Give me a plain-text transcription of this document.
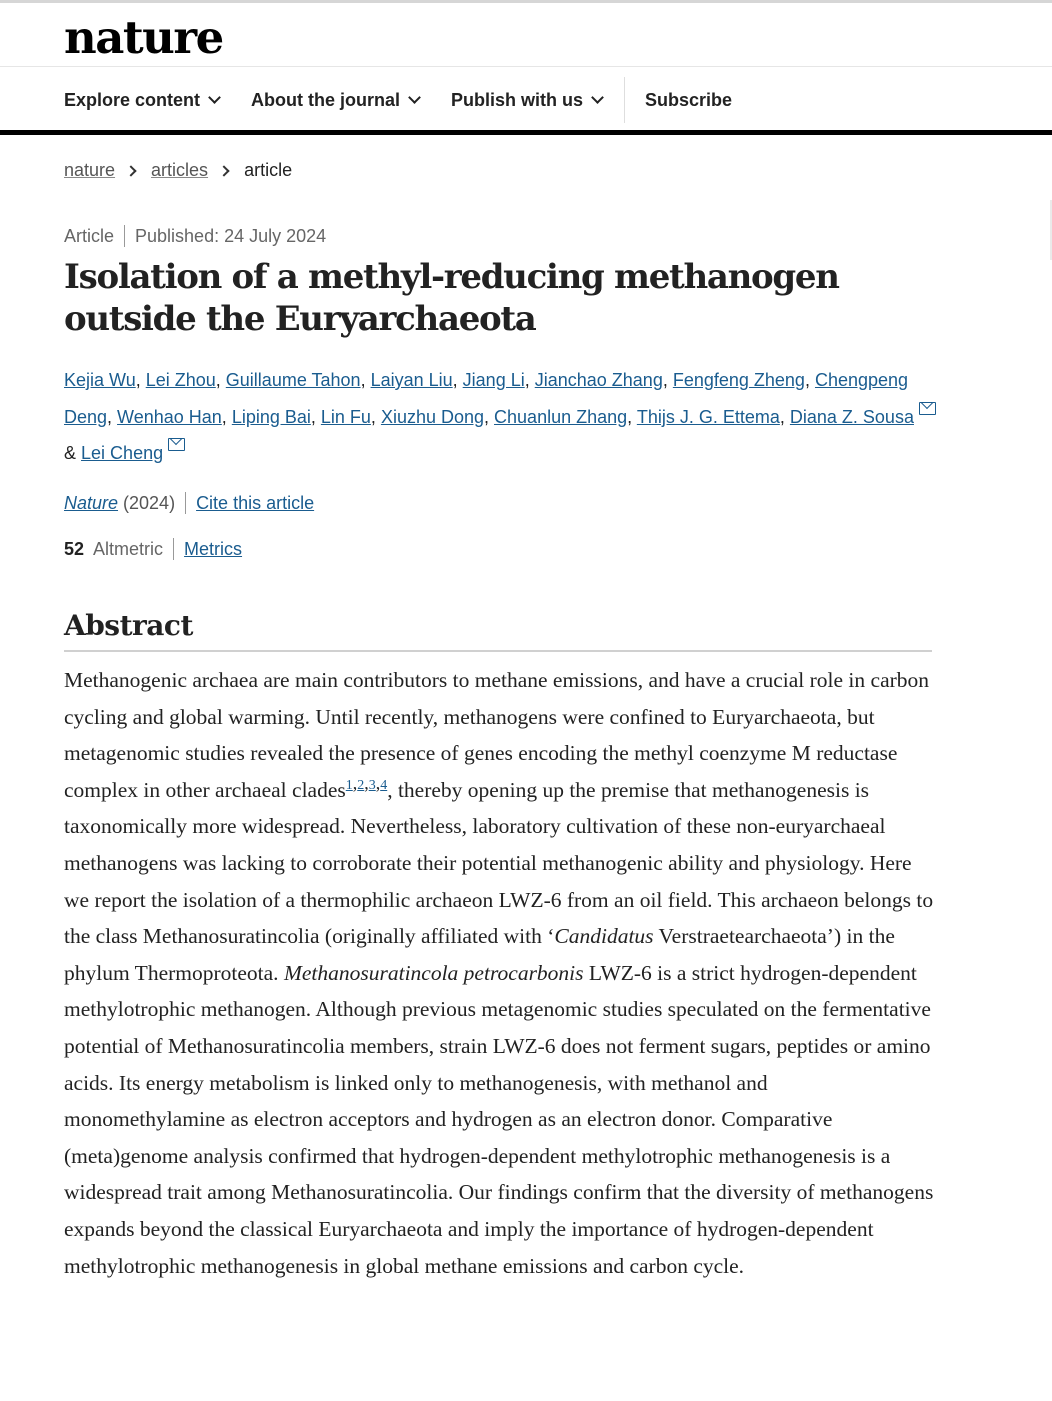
nature
Explore content	About the journal	Publish with us	Subscribe
nature articles article
Article Published: 24 July 2024
Isolation of a methyl-reducing methanogen outside the Euryarchaeota
Kejia Wu, Lei Zhou, Guillaume Tahon, Laiyan Liu, Jiang Li, Jianchao Zhang, Fengfeng Zheng, Chengpeng Deng, Wenhao Han, Liping Bai, Lin Fu, Xiuzhu Dong, Chuanlun Zhang, Thijs J. G. Ettema, Diana Z. Sousa & Lei Cheng
Nature (2024) Cite this article
52 Altmetric Metrics
Abstract

Methanogenic archaea are main contributors to methane emissions, and have a crucial role in carbon cycling and global warming. Until recently, methanogens were confined to Euryarchaeota, but metagenomic studies revealed the presence of genes encoding the methyl coenzyme M reductase complex in other archaeal clades$^{1,2,3,4}$, thereby opening up the premise that methanogenesis is taxonomically more widespread. Nevertheless, laboratory cultivation of these non-euryarchaeal methanogens was lacking to corroborate their potential methanogenic ability and physiology. Here we report the isolation of a thermophilic archaeon LWZ-6 from an oil field. This archaeon belongs to the class Methanosuratincolia (originally affiliated with ‘Candidatus Verstraetearchaeota’) in the phylum Thermoproteota. Methanosuratincola petrocarbonis LWZ-6 is a strict hydrogen-dependent methylotrophic methanogen. Although previous metagenomic studies speculated on the fermentative potential of Methanosuratincolia members, strain LWZ-6 does not ferment sugars, peptides or amino acids. Its energy metabolism is linked only to methanogenesis, with methanol and monomethylamine as electron acceptors and hydrogen as an electron donor. Comparative (meta)genome analysis confirmed that hydrogen-dependent methylotrophic methanogenesis is a widespread trait among Methanosuratincolia. Our findings confirm that the diversity of methanogens expands beyond the classical Euryarchaeota and imply the importance of hydrogen-dependent methylotrophic methanogenesis in global methane emissions and carbon cycle.
